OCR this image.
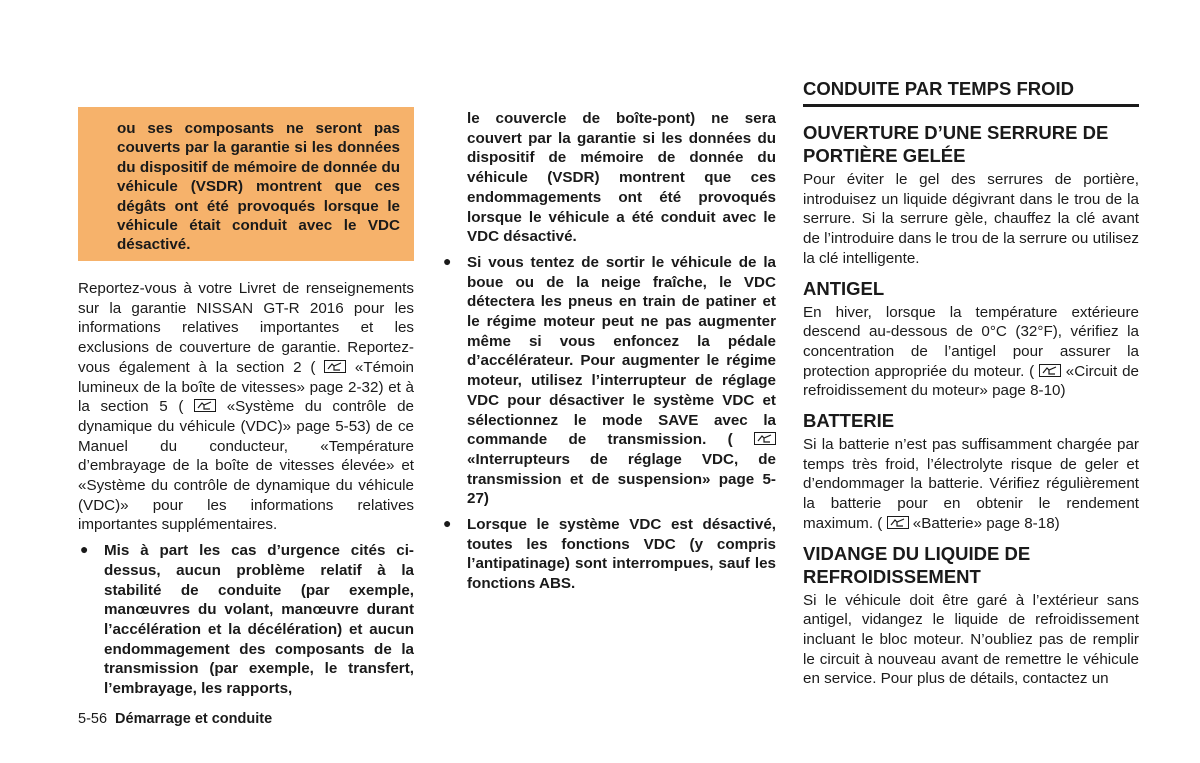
ou ses composants ne seront pas couverts par la garantie si les données du dispositif de mémoire de donnée du véhicule (VSDR) montrent que ces dégâts ont été provoqués lorsque le véhicule était conduit avec le VDC désactivé.

Reportez-vous à votre Livret de renseignements sur la garantie NISSAN GT-R 2016 pour les informations relatives importantes et les exclusions de couverture de garantie. Reportez-vous également à la section 2 (	«Témoin lumineux de la boîte de vitesses» page 2-32) et à la section 5 (	«Système du contrôle de dynamique du véhicule (VDC)» page 5-53) de ce Manuel du conducteur, «Température d’embrayage de la boîte de vitesses élevée» et «Système du contrôle de dynamique du véhicule (VDC)» pour les informations relatives importantes supplémentaires.

● Mis à part les cas d’urgence cités ci-dessus, aucun problème relatif à la stabilité de conduite (par exemple, manœuvres du volant, manœuvre durant l’accélération et la décélération) et aucun endommagement des composants de la transmission (par exemple, le transfert, l’embrayage, les rapports,

le couvercle de boîte-pont) ne sera couvert par la garantie si les données du dispositif de mémoire de donnée du véhicule (VSDR) montrent que ces endommagements ont été provoqués lorsque le véhicule a été conduit avec le VDC désactivé.

● Si vous tentez de sortir le véhicule de la boue ou de la neige fraîche, le VDC détectera les pneus en train de patiner et le régime moteur peut ne pas augmenter même si vous enfoncez la pédale d’accélérateur. Pour augmenter le régime moteur, utilisez l’interrupteur de réglage VDC pour désactiver le système VDC et sélectionnez le mode SAVE avec la commande de transmission. (  «Interrupteurs de réglage VDC, de transmission et de suspension» page 5-27)

● Lorsque le système VDC est désactivé, toutes les fonctions VDC (y compris l’antipatinage) sont interrompues, sauf les fonctions ABS.

CONDUITE PAR TEMPS FROID

OUVERTURE D’UNE SERRURE DE PORTIÈRE GELÉE

Pour éviter le gel des serrures de portière, introduisez un liquide dégivrant dans le trou de la serrure. Si la serrure gèle, chauffez la clé avant de l’introduire dans le trou de la serrure ou utilisez la clé intelligente.

ANTIGEL

En hiver, lorsque la température extérieure descend au-dessous de 0°C (32°F), vérifiez la concentration de l’antigel pour assurer la protection appropriée du moteur. ( «Circuit de refroidissement du moteur» page 8-10)

BATTERIE

Si la batterie n’est pas suffisamment chargée par temps très froid, l’électrolyte risque de geler et d’endommager la batterie. Vérifiez régulièrement la batterie pour en obtenir le rendement maximum. ( «Batterie» page 8-18)

VIDANGE DU LIQUIDE DE REFROIDISSEMENT

Si le véhicule doit être garé à l’extérieur sans antigel, vidangez le liquide de refroidissement incluant le bloc moteur. N’oubliez pas de remplir le circuit à nouveau avant de remettre le véhicule en service. Pour plus de détails, contactez un

5-56 Démarrage et conduite
